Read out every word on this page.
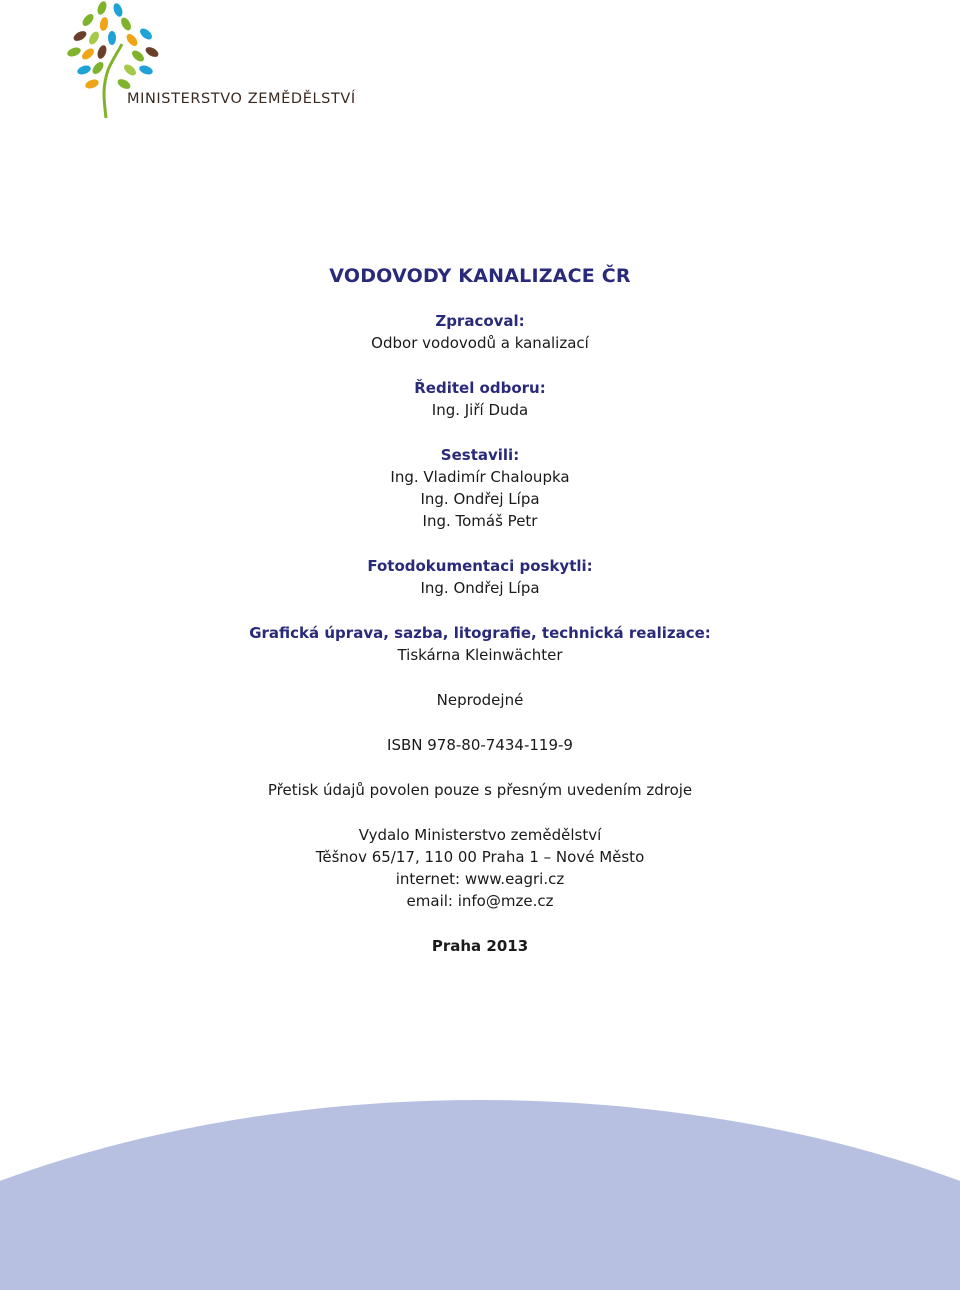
MINISTERSTVO ZEMĚDĚLSTVÍ
VODOVODY KANALIZACE ČR

Zpracoval:

Odbor vodovodů a kanalizací

Ředitel odboru:

Ing. Jiří Duda

Sestavili:

Ing. Vladimír Chaloupka

Ing. Ondřej Lípa

Ing. Tomáš Petr

Fotodokumentaci poskytli:

Ing. Ondřej Lípa

Grafická úprava, sazba, litografie, technická realizace:

Tiskárna Kleinwächter

Neprodejné

ISBN 978-80-7434-119-9

Přetisk údajů povolen pouze s přesným uvedením zdroje

Vydalo Ministerstvo zemědělství

Těšnov 65/17, 110 00 Praha 1 – Nové Město

internet: www.eagri.cz

email: info@mze.cz

Praha 2013
